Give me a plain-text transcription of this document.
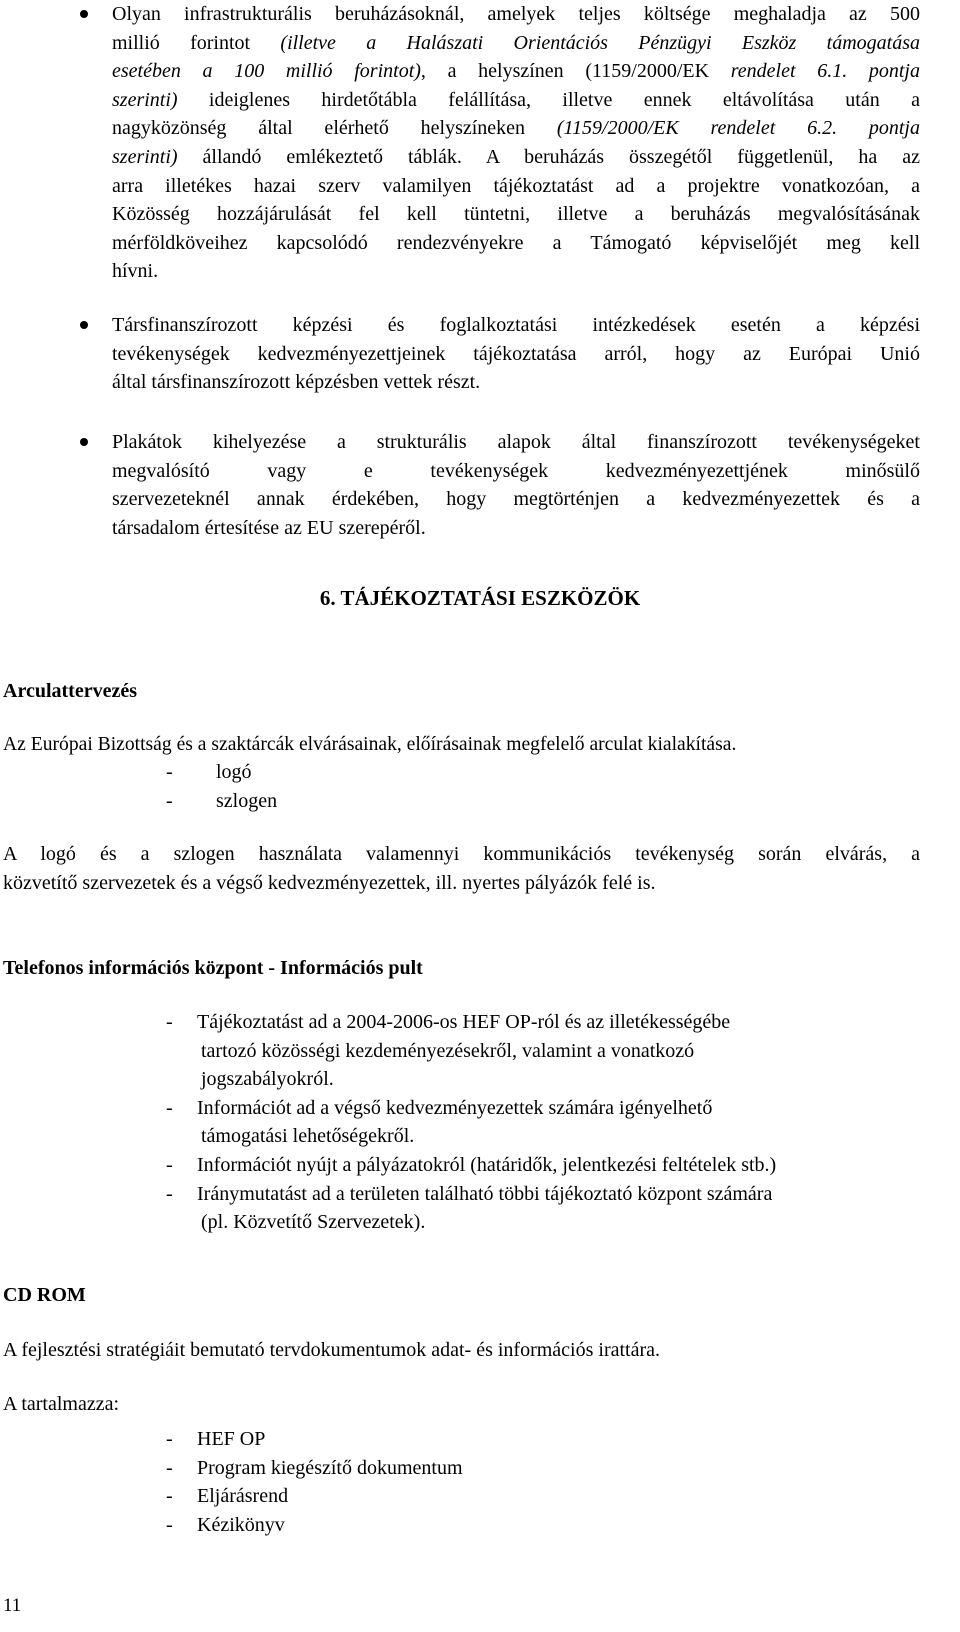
Olyan infrastrukturális beruházásoknál, amelyek teljes költsége meghaladja az 500
millió forintot (illetve a Halászati Orientációs Pénzügyi Eszköz támogatása
esetében a 100 millió forintot), a helyszínen (1159/2000/EK rendelet 6.1. pontja
szerinti) ideiglenes hirdetőtábla felállítása, illetve ennek eltávolítása után a
nagyközönség által elérhető helyszíneken (1159/2000/EK rendelet 6.2. pontja
szerinti) állandó emlékeztető táblák. A beruházás összegétől függetlenül, ha az
arra illetékes hazai szerv valamilyen tájékoztatást ad a projektre vonatkozóan, a
Közösség hozzájárulását fel kell tüntetni, illetve a beruházás megvalósításának
mérföldköveihez kapcsolódó rendezvényekre a Támogató képviselőjét meg kell
hívni.
Társfinanszírozott képzési és foglalkoztatási intézkedések esetén a képzési
tevékenységek kedvezményezettjeinek tájékoztatása arról, hogy az Európai Unió
által társfinanszírozott képzésben vettek részt.
Plakátok kihelyezése a strukturális alapok által finanszírozott tevékenységeket
megvalósító vagy e tevékenységek kedvezményezettjének minősülő
szervezeteknél annak érdekében, hogy megtörténjen a kedvezményezettek és a
társadalom értesítése az EU szerepéről.
6. TÁJÉKOZTATÁSI ESZKÖZÖK
Arculattervezés
Az Európai Bizottság és a szaktárcák elvárásainak, előírásainak megfelelő arculat kialakítása.
- logó
- szlogen
A logó és a szlogen használata valamennyi kommunikációs tevékenység során elvárás, a
közvetítő szervezetek és a végső kedvezményezettek, ill. nyertes pályázók felé is.
Telefonos információs központ - Információs pult
- Tájékoztatást ad a 2004-2006-os HEF OP-ról és az illetékességébe
tartozó közösségi kezdeményezésekről, valamint a vonatkozó
jogszabályokról.
- Információt ad a végső kedvezményezettek számára igényelhető
támogatási lehetőségekről.
- Információt nyújt a pályázatokról (határidők, jelentkezési feltételek stb.)
- Iránymutatást ad a területen található többi tájékoztató központ számára
(pl. Közvetítő Szervezetek).
CD ROM
A fejlesztési stratégiáit bemutató tervdokumentumok adat- és információs irattára.
A tartalmazza:
- HEF OP
- Program kiegészítő dokumentum
- Eljárásrend
- Kézikönyv
11
